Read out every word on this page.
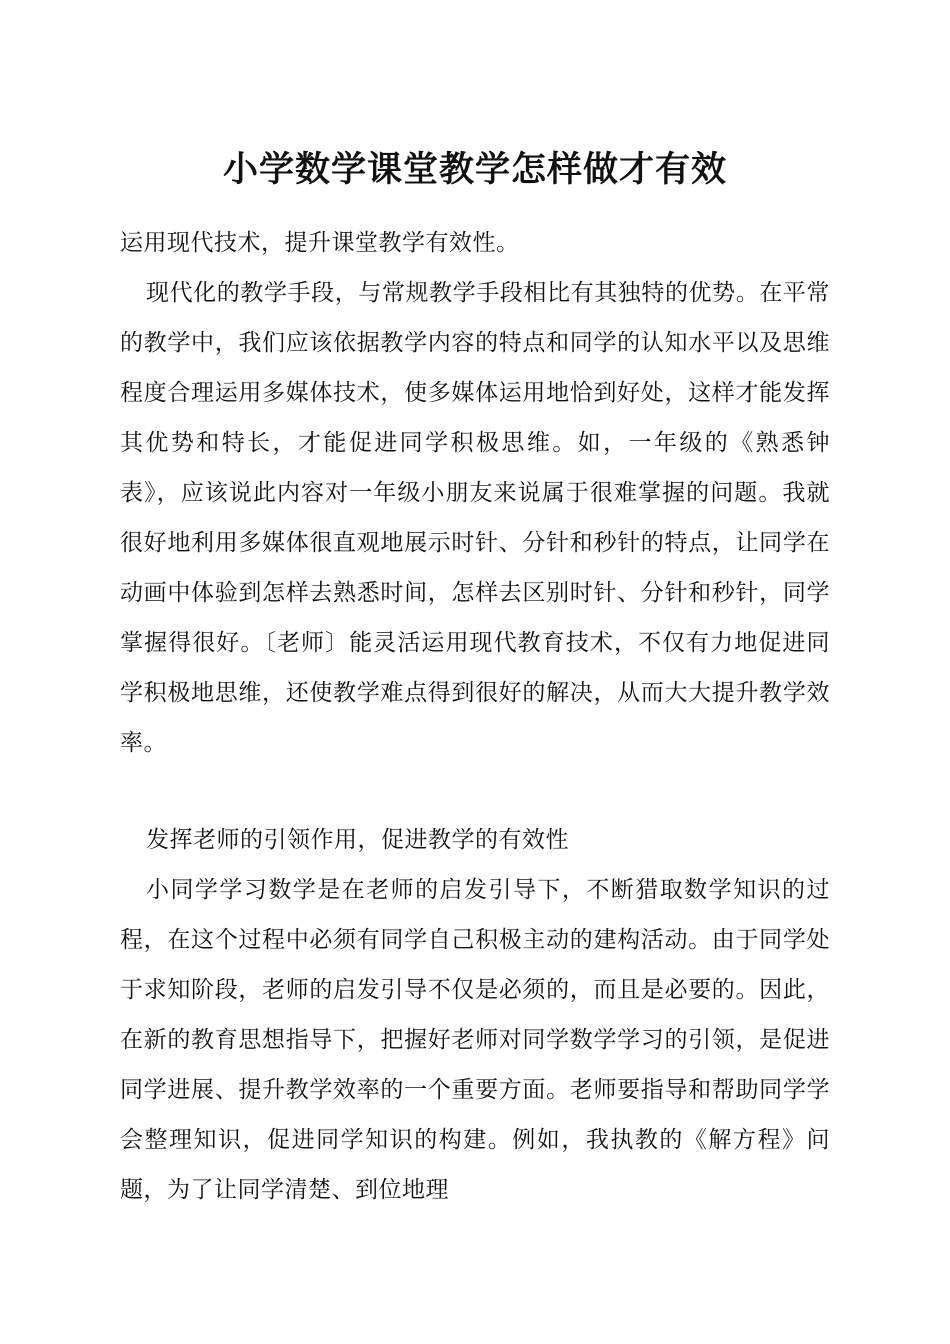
小学数学课堂教学怎样做才有效

运用现代技术，提升课堂教学有效性。

现代化的教学手段，与常规教学手段相比有其独特的优势。在平常的教学中，我们应该依据教学内容的特点和同学的认知水平以及思维程度合理运用多媒体技术，使多媒体运用地恰到好处，这样才能发挥其优势和特长，才能促进同学积极思维。如，一年级的《熟悉钟表》，应该说此内容对一年级小朋友来说属于很难掌握的问题。我就很好地利用多媒体很直观地展示时针、分针和秒针的特点，让同学在动画中体验到怎样去熟悉时间，怎样去区别时针、分针和秒针，同学掌握得很好。〔老师〕能灵活运用现代教育技术，不仅有力地促进同学积极地思维，还使教学难点得到很好的解决，从而大大提升教学效率。

发挥老师的引领作用，促进教学的有效性

小同学学习数学是在老师的启发引导下，不断猎取数学知识的过程，在这个过程中必须有同学自己积极主动的建构活动。由于同学处于求知阶段，老师的启发引导不仅是必须的，而且是必要的。因此，在新的教育思想指导下，把握好老师对同学数学学习的引领，是促进同学进展、提升教学效率的一个重要方面。老师要指导和帮助同学学会整理知识，促进同学知识的构建。例如，我执教的《解方程》问题，为了让同学清楚、到位地理
